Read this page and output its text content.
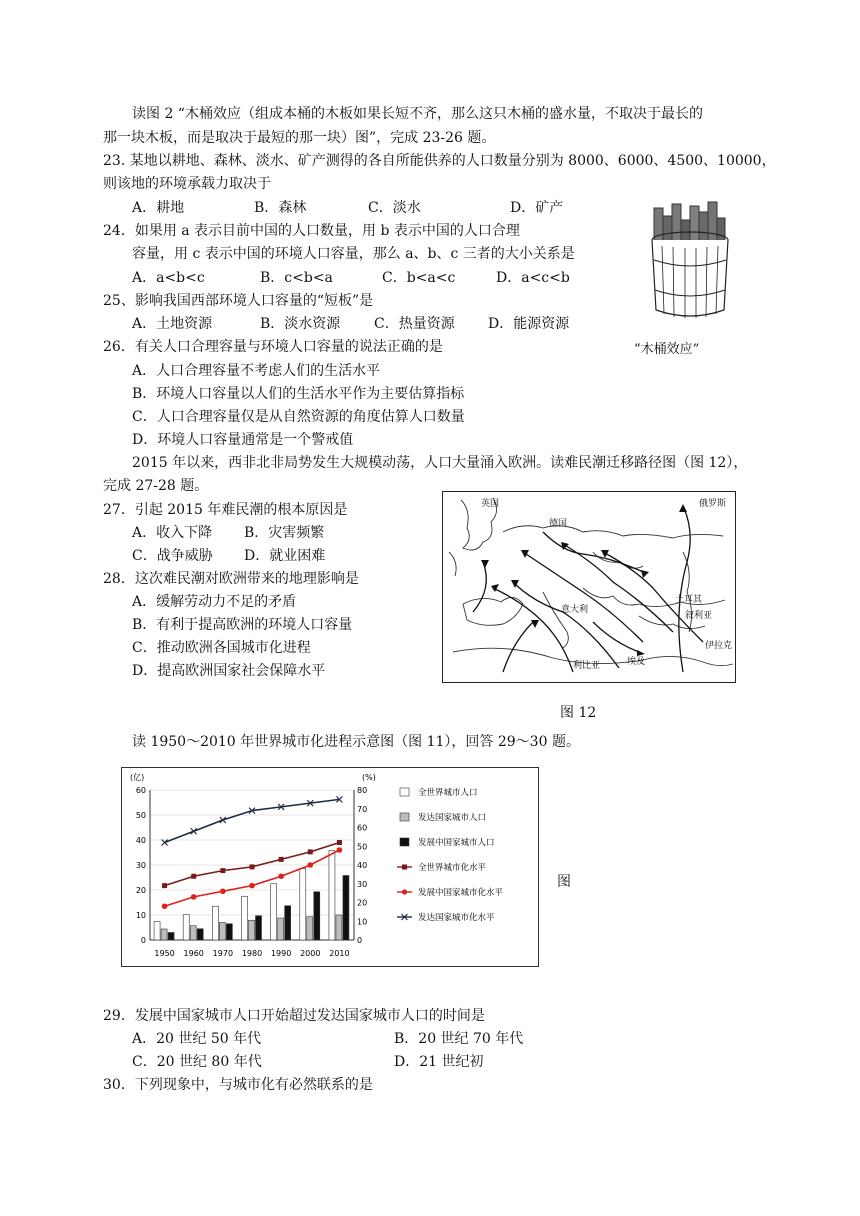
读图 2 “木桶效应（组成本桶的木板如果长短不齐，那么这只木桶的盛水量，不取决于最长的
那一块木板，而是取决于最短的那一块）图”，完成 23-26 题。
23. 某地以耕地、森林、淡水、矿产测得的各自所能供养的人口数量分别为 8000、6000、4500、10000，
则该地的环境承载力取决于
A．耕地	B．森林	C．淡水	D．矿产
24．如果用 a 表示目前中国的人口数量，用 b 表示中国的人口合理
容量，用 c 表示中国的环境人口容量，那么 a、b、c 三者的大小关系是
A．a<b<c	B．c<b<a	C．b<a<c	D．a<c<b
“木桶效应”
25、影响我国西部环境人口容量的“短板”是
A．土地资源	B．淡水资源 C．热量资源 D．能源资源
26．有关人口合理容量与环境人口容量的说法正确的是
A．人口合理容量不考虑人们的生活水平
B．环境人口容量以人们的生活水平作为主要估算指标
C．人口合理容量仅是从自然资源的角度估算人口数量
D．环境人口容量通常是一个警戒值
2015 年以来，西非北非局势发生大规模动荡，人口大量涌入欧洲。读难民潮迁移路径图（图 12），
完成 27-28 题。
27．引起 2015 年难民潮的根本原因是
A．收入下降 B．灾害频繁
C．战争威胁 D．就业困难
28．这次难民潮对欧洲带来的地理影响是
A．缓解劳动力不足的矛盾
B．有利于提高欧洲的环境人口容量
C．推动欧洲各国城市化进程
D．提高欧洲国家社会保障水平
英国
德国
俄罗斯
意大利
土耳其
叙利亚
伊拉克
利比亚	埃及
图 12
读 1950～2010 年世界城市化进程示意图（图 11），回答 29～30 题。
(亿)	(%)
60
50
40
30
20
10
0
80
70
60
50
40
30
20
10
0
1950 1960 1970 1980 1990 2000 2010
全世界城市人口
发达国家城市人口
发展中国家城市人口
全世界城市化水平
发展中国家城市化水平
发达国家城市化水平
图
29．发展中国家城市人口开始超过发达国家城市人口的时间是
A．20 世纪 50 年代	B．20 世纪 70 年代
C．20 世纪 80 年代	D．21 世纪初
30．下列现象中，与城市化有必然联系的是
